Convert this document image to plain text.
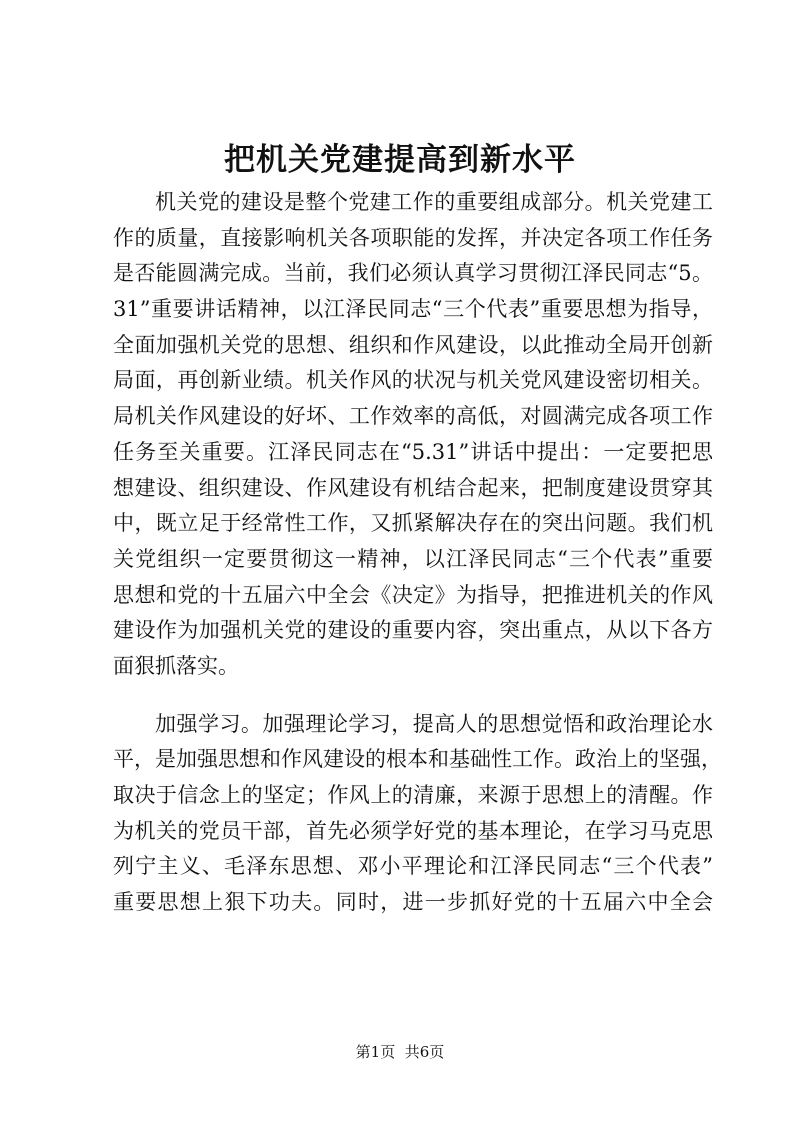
把机关党建提高到新水平
机关党的建设是整个党建工作的重要组成部分。机关党建工
作的质量，直接影响机关各项职能的发挥，并决定各项工作任务
是否能圆满完成。当前，我们必须认真学习贯彻江泽民同志“5。
31”重要讲话精神，以江泽民同志“三个代表”重要思想为指导，
全面加强机关党的思想、组织和作风建设，以此推动全局开创新
局面，再创新业绩。机关作风的状况与机关党风建设密切相关。
局机关作风建设的好坏、工作效率的高低，对圆满完成各项工作
任务至关重要。江泽民同志在“5.31”讲话中提出：一定要把思
想建设、组织建设、作风建设有机结合起来，把制度建设贯穿其
中，既立足于经常性工作，又抓紧解决存在的突出问题。我们机
关党组织一定要贯彻这一精神，以江泽民同志“三个代表”重要
思想和党的十五届六中全会《决定》为指导，把推进机关的作风
建设作为加强机关党的建设的重要内容，突出重点，从以下各方
面狠抓落实。
加强学习。加强理论学习，提高人的思想觉悟和政治理论水
平，是加强思想和作风建设的根本和基础性工作。政治上的坚强，
取决于信念上的坚定；作风上的清廉，来源于思想上的清醒。作
为机关的党员干部，首先必须学好党的基本理论，在学习马克思
列宁主义、毛泽东思想、邓小平理论和江泽民同志“三个代表”
重要思想上狠下功夫。同时，进一步抓好党的十五届六中全会
第1页 共6页
